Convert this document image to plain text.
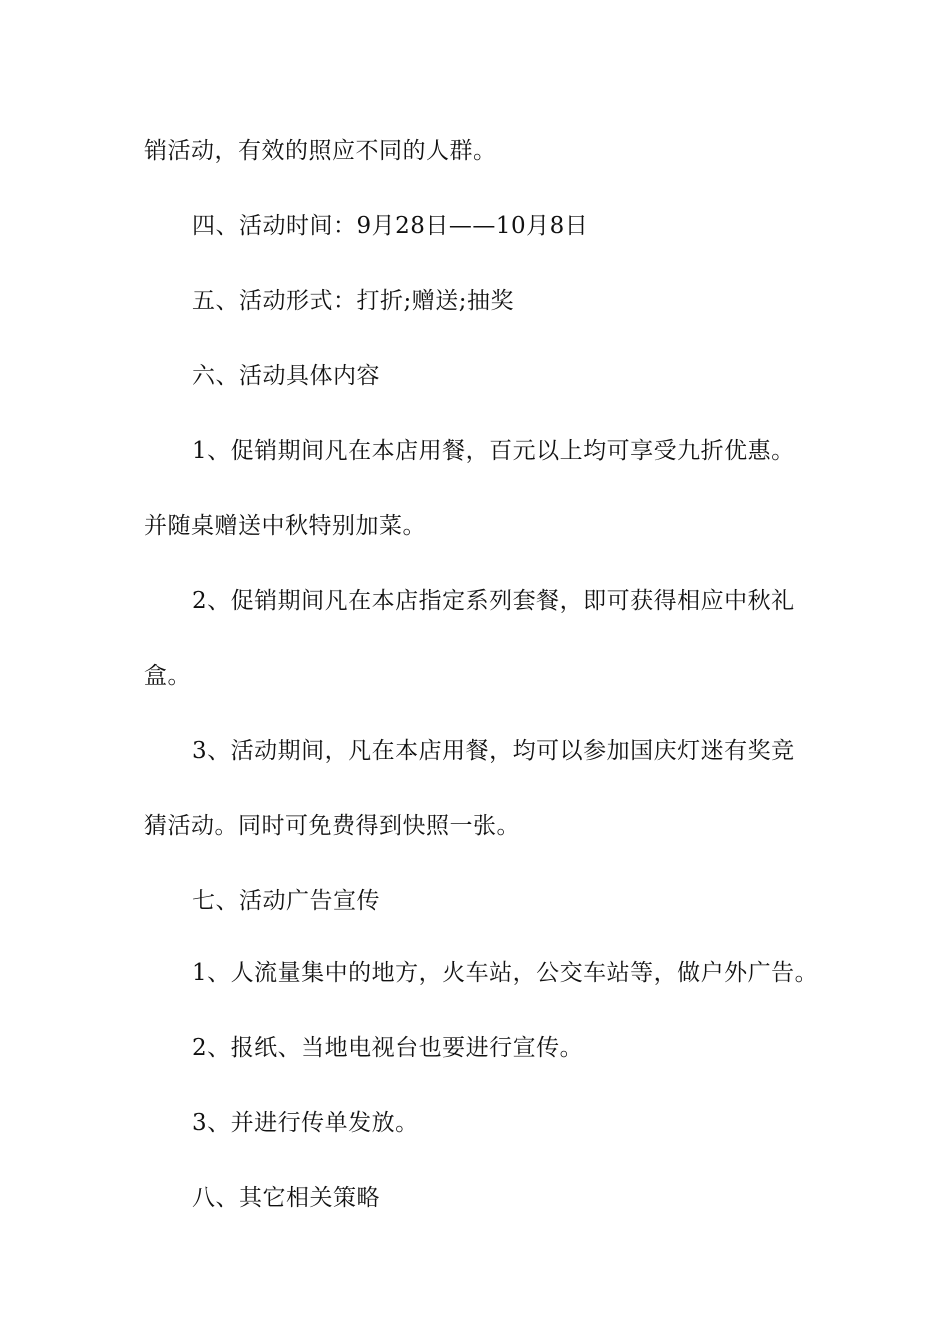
销活动，有效的照应不同的人群。
四、活动时间：9月28日——10月8日
五、活动形式：打折;赠送;抽奖
六、活动具体内容
1、促销期间凡在本店用餐，百元以上均可享受九折优惠。
并随桌赠送中秋特别加菜。
2、促销期间凡在本店指定系列套餐，即可获得相应中秋礼
盒。
3、活动期间，凡在本店用餐，均可以参加国庆灯迷有奖竞
猜活动。同时可免费得到快照一张。
七、活动广告宣传
1、人流量集中的地方，火车站，公交车站等，做户外广告。
2、报纸、当地电视台也要进行宣传。
3、并进行传单发放。
八、其它相关策略
